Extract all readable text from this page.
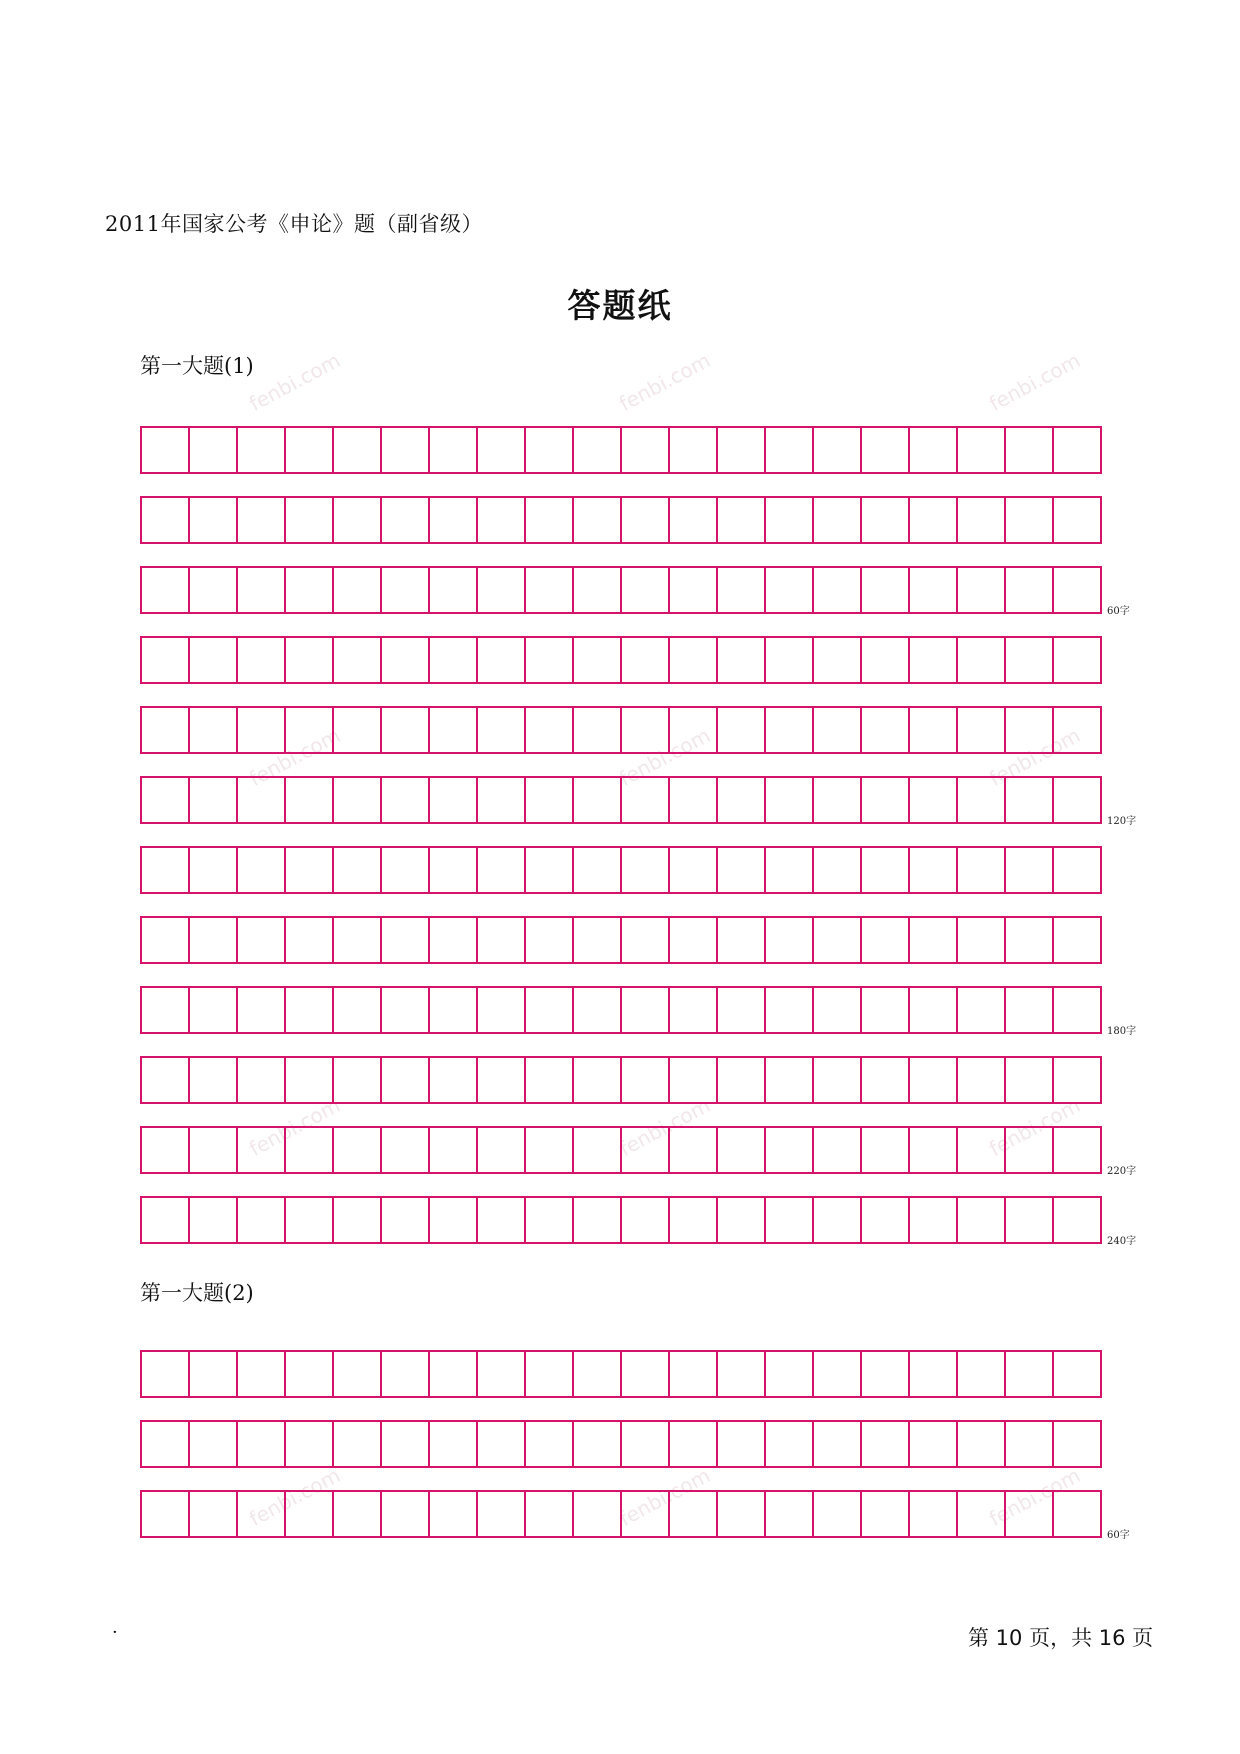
2011年国家公考《申论》题（副省级）
答题纸
第一大题(1)
60字
120字
180字
220字
240字
第一大题(2)
60字
fenbi.com	fenbi.com	fenbi.com
fenbi.com	fenbi.com	fenbi.com
fenbi.com	fenbi.com	fenbi.com
fenbi.com	fenbi.com	fenbi.com
·	第 10 页，共 16 页
